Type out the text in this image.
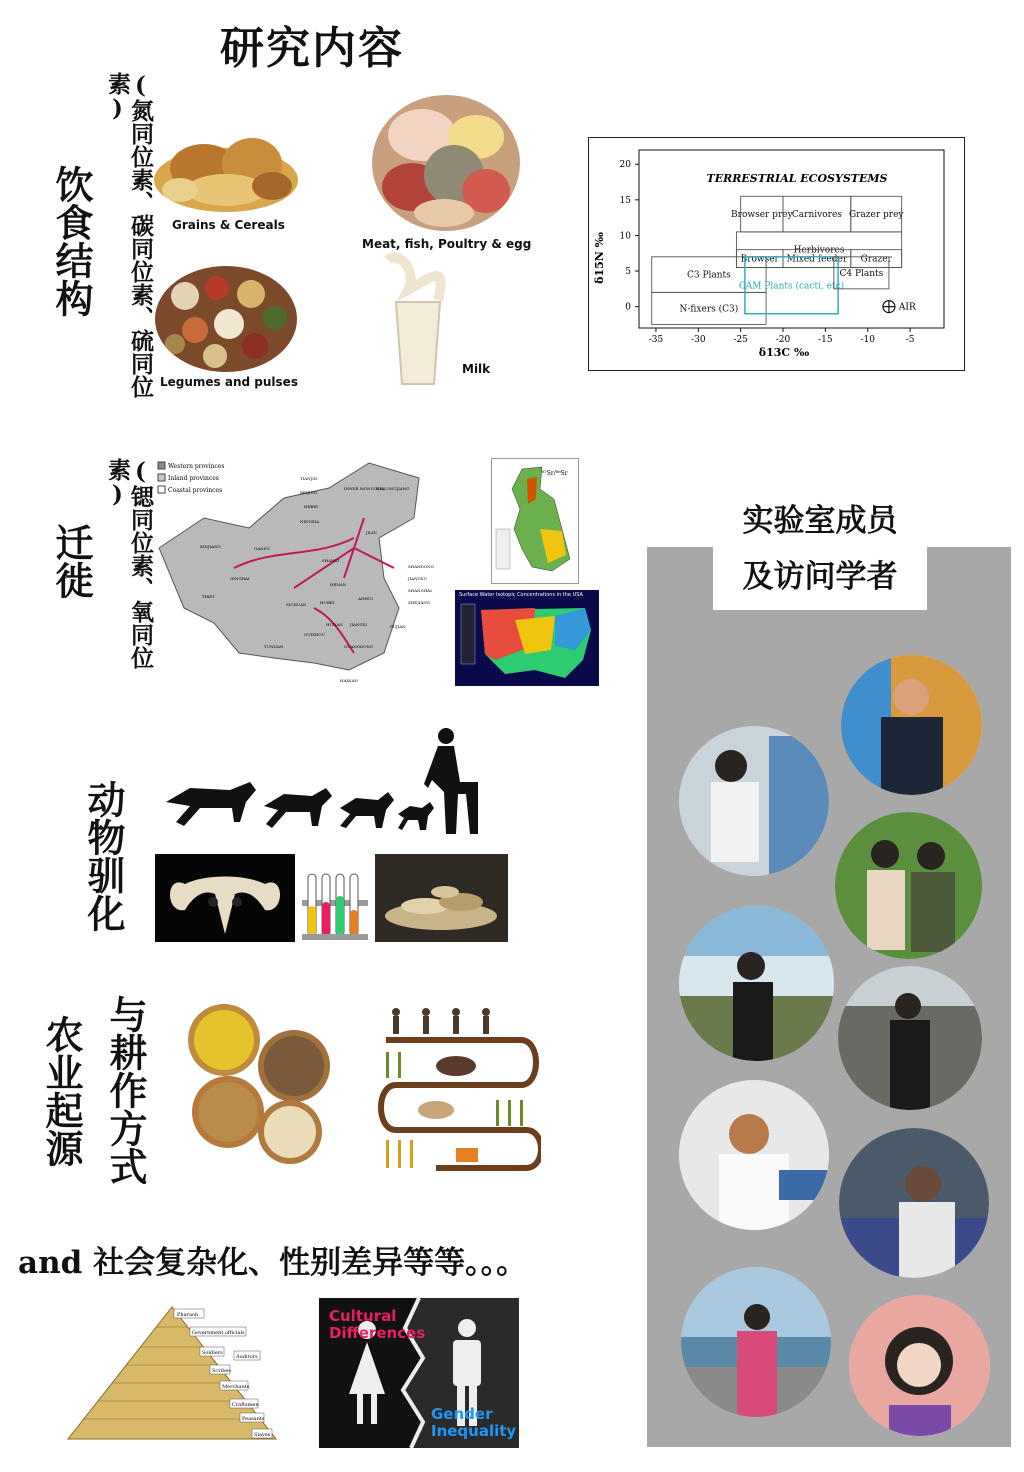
研究内容
饮食结构	(氮同位素、碳同位素、硫同位素)
Grains & Cereals
Meat, fish, Poultry & egg
Legumes and pulses
Milk
TERRESTRIAL ECOSYSTEMS
δ13C ‰
δ15N ‰
-35	-30	-25	-20	-15	-10	-5
0
5
10
15
20
Browser prey Carnivores Grazer prey
Herbivores
Browser Mixed feeder Grazer
C3 Plants
N-fixers (C3)
CAM Plants (cacti, etc)
C4 Plants
AIR
迁徙	(锶同位素、氧同位素)	Western provinces
Inland provinces
Coastal provinces
TIANJIN
BEIJING
HEBEI
NINGXIA
INNER MONGOLIA
HEILONGJIANG
JILIN
XINJIANG	GANSU
QINGHAI
SHANXI
HENAN
SHANDONG
JIANGSU
SHANGHAI
ZHEJIANG
TIBET
SICHUAN	HUBEI
ANHUI
YUNNAN
GUIZHOU
HUNAN JIANGXI	FUJIAN
GUANGDONG
HAINAN
⁸⁷Sr/⁸⁶Sr
Surface Water Isotopic Concentrations in the USA
动物驯化
农业起源 与耕作方式
and 社会复杂化、性别差异等等。。。
Pharaoh
Government officials
Soldiers
Auditors
Scribes
Merchants
Craftsmen
Peasants
Slaves
Cultural Differences
Gender Inequality
实验室成员
及访问学者
